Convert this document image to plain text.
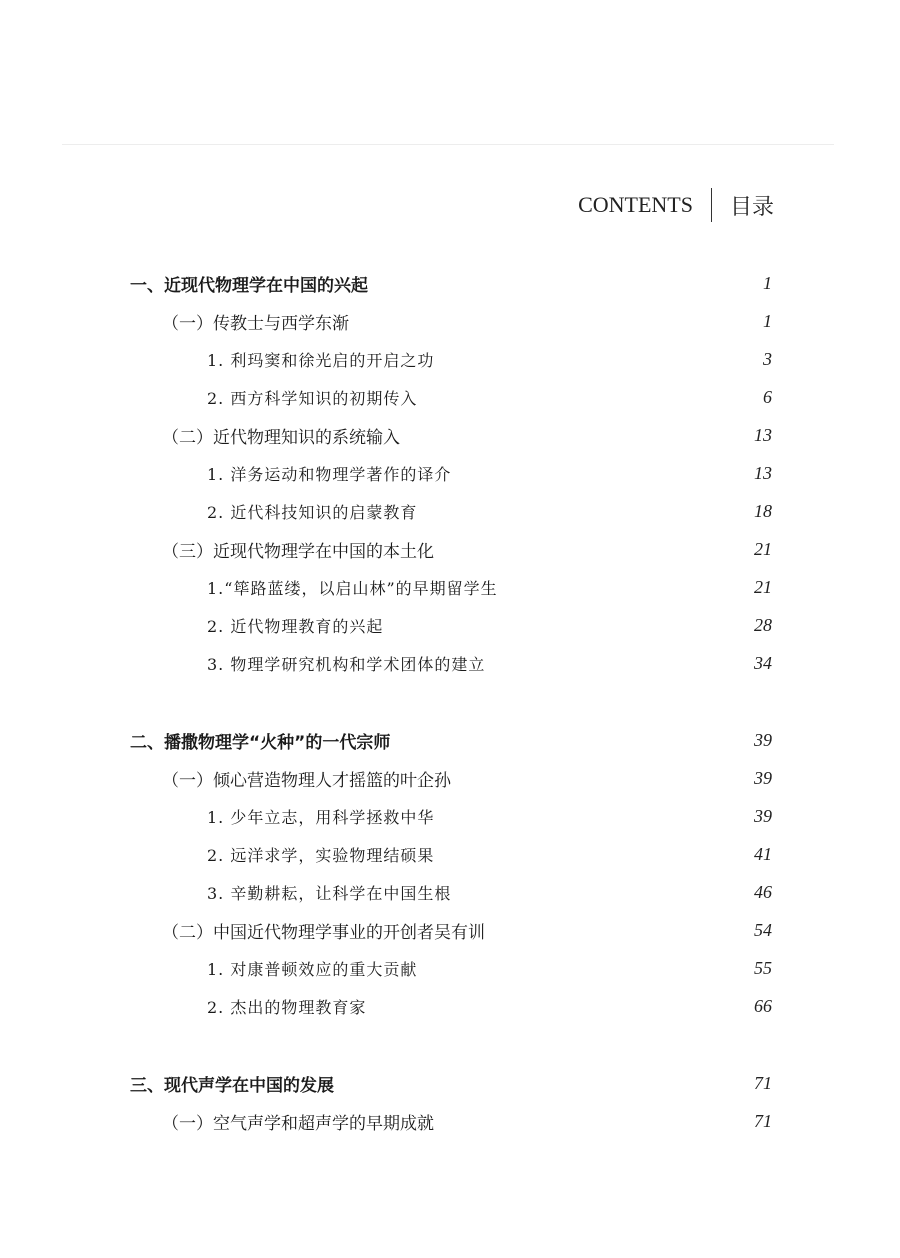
CONTENTS	目录
一、近现代物理学在中国的兴起	1
（一）传教士与西学东渐	1
1. 利玛窦和徐光启的开启之功	3
2. 西方科学知识的初期传入	6
（二）近代物理知识的系统输入	13
1. 洋务运动和物理学著作的译介	13
2. 近代科技知识的启蒙教育	18
（三）近现代物理学在中国的本土化	21
1.“筚路蓝缕，以启山林”的早期留学生	21
2. 近代物理教育的兴起	28
3. 物理学研究机构和学术团体的建立	34
二、播撒物理学“火种”的一代宗师	39
（一）倾心营造物理人才摇篮的叶企孙	39
1. 少年立志，用科学拯救中华	39
2. 远洋求学，实验物理结硕果	41
3. 辛勤耕耘，让科学在中国生根	46
（二）中国近代物理学事业的开创者吴有训	54
1. 对康普顿效应的重大贡献	55
2. 杰出的物理教育家	66
三、现代声学在中国的发展	71
（一）空气声学和超声学的早期成就	71
